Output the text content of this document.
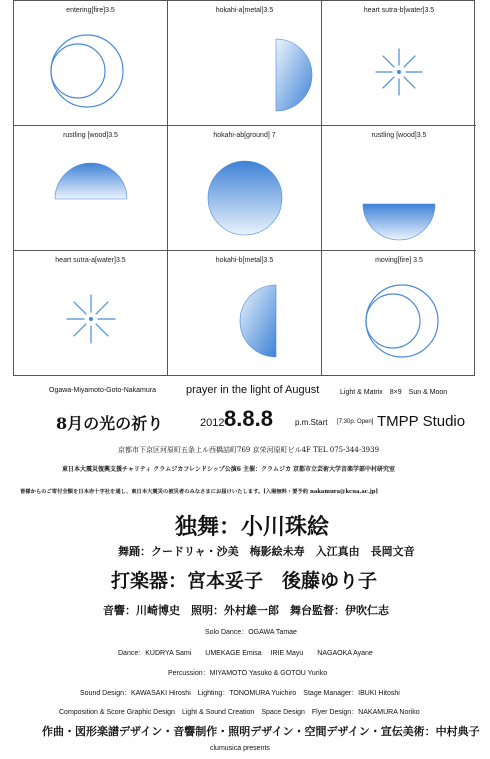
entering[fire]3.5	hokahi-a[metal]3.5	heart sutra-b[water]3.5
rustling [wood]3.5	hokahi-ab[ground] 7	rustling [wood]3.5
heart sutra-a[water]3.5	hokahi-b[metal]3.5	moving[fire] 3.5
Ogawa-Miyamoto-Goto-Nakamura	prayer in the light of August	Light & Matrix　8×9　Sun & Moon
8月の光の祈り	2012 8.8.8	p.m.Start [7:30p. Open] TMPP Studio
京都市下京区河原町五条上ル西橋詰町769 京栄河原町ビル4F TEL 075-344-3939
東日本大震災復興支援チャリティ クラムジカフレンドシップ公演6 主催：クラムジカ 京都市立芸術大学音楽学部中村研究室
皆様からのご寄付全額を日本赤十字社を通し、東日本大震災の被災者のみなさまにお届けいたします。[入場無料・要予約 nakamura@kcua.ac.jp]
独舞：小川珠絵
舞踊：クードリャ・沙美　梅影絵未寿　入江真由　長岡文音
打楽器：宮本妥子　後藤ゆり子
音響：川崎博史　照明：外村雄一郎　舞台監督：伊吹仁志
Solo Dance：OGAWA Tamae
Dance：KUDRYA Sami　　UMEKAGE Emisa　 IRIE Mayu　　NAGAOKA Ayane
Percussion：MIYAMOTO Yasuko & GOTOU Yuriko
Sound Design：KAWASAKI Hiroshi　Lighting：TONOMURA Yuichiro　Stage Manager：IBUKI Hitoshi
Composition & Score Graphic Design　Light & Sound Creation　Space Design　Flyer Design：NAKAMURA Noriko
作曲・図形楽譜デザイン・音響制作・照明デザイン・空間デザイン・宣伝美術：中村典子
clumusica presents
